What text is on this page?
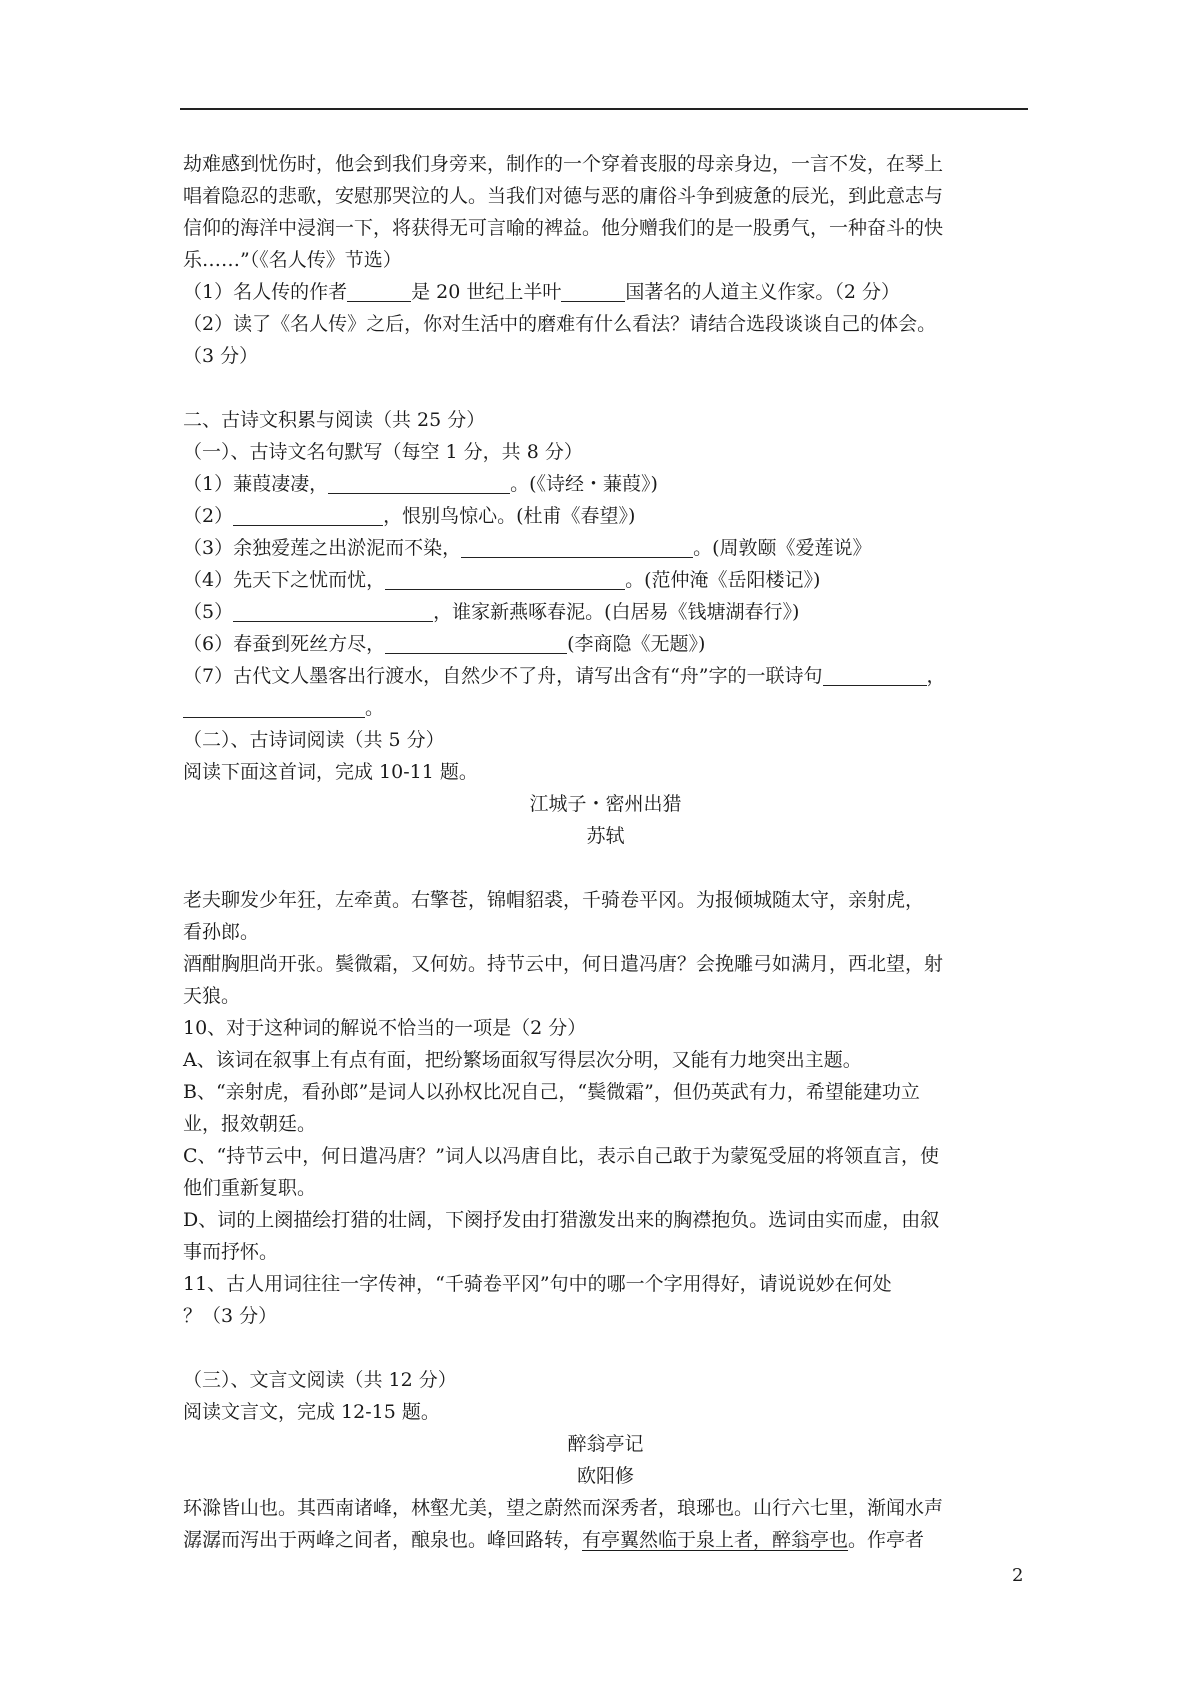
劫难感到忧伤时，他会到我们身旁来，制作的一个穿着丧服的母亲身边，一言不发，在琴上

唱着隐忍的悲歌，安慰那哭泣的人。当我们对德与恶的庸俗斗争到疲惫的辰光，到此意志与

信仰的海洋中浸润一下，将获得无可言喻的裨益。他分赠我们的是一股勇气，一种奋斗的快

乐……”（《名人传》节选）

（1）名人传的作者	是 20 世纪上半叶	国著名的人道主义作家。（2 分）

（2）读了《名人传》之后，你对生活中的磨难有什么看法？请结合选段谈谈自己的体会。

（3 分）

二、古诗文积累与阅读（共 25 分）

（一）、古诗文名句默写（每空 1 分，共 8 分）

（1）蒹葭凄凄，	。(《诗经・蒹葭》)

（2）	，恨别鸟惊心。(杜甫《春望》)

（3）余独爱莲之出淤泥而不染，	。(周敦颐《爱莲说》

（4）先天下之忧而忧，	。(范仲淹《岳阳楼记》)

（5）	，谁家新燕啄春泥。(白居易《钱塘湖春行》)

（6）春蚕到死丝方尽，	(李商隐《无题》)

（7）古代文人墨客出行渡水，自然少不了舟，请写出含有“舟”字的一联诗句	，

。

（二）、古诗词阅读（共 5 分）

阅读下面这首词，完成 10-11 题。

江城子・密州出猎

苏轼

老夫聊发少年狂，左牵黄。右擎苍，锦帽貂裘，千骑卷平冈。为报倾城随太守，亲射虎，

看孙郎。

酒酣胸胆尚开张。鬓微霜，又何妨。持节云中，何日遣冯唐？会挽雕弓如满月，西北望，射

天狼。

10、对于这种词的解说不恰当的一项是（2 分）

A、该词在叙事上有点有面，把纷繁场面叙写得层次分明，又能有力地突出主题。

B、“亲射虎，看孙郎”是词人以孙权比况自己，“鬓微霜”，但仍英武有力，希望能建功立

业，报效朝廷。

C、“持节云中，何日遣冯唐？”词人以冯唐自比，表示自己敢于为蒙冤受屈的将领直言，使

他们重新复职。

D、词的上阕描绘打猎的壮阔，下阕抒发由打猎激发出来的胸襟抱负。选词由实而虚，由叙

事而抒怀。

11、古人用词往往一字传神，“千骑卷平冈”句中的哪一个字用得好，请说说妙在何处

？（3 分）

（三）、文言文阅读（共 12 分）

阅读文言文，完成 12-15 题。

醉翁亭记

欧阳修

环滁皆山也。其西南诸峰，林壑尤美，望之蔚然而深秀者，琅琊也。山行六七里，渐闻水声

潺潺而泻出于两峰之间者，酿泉也。峰回路转，有亭翼然临于泉上者，醉翁亭也。作亭者

2
